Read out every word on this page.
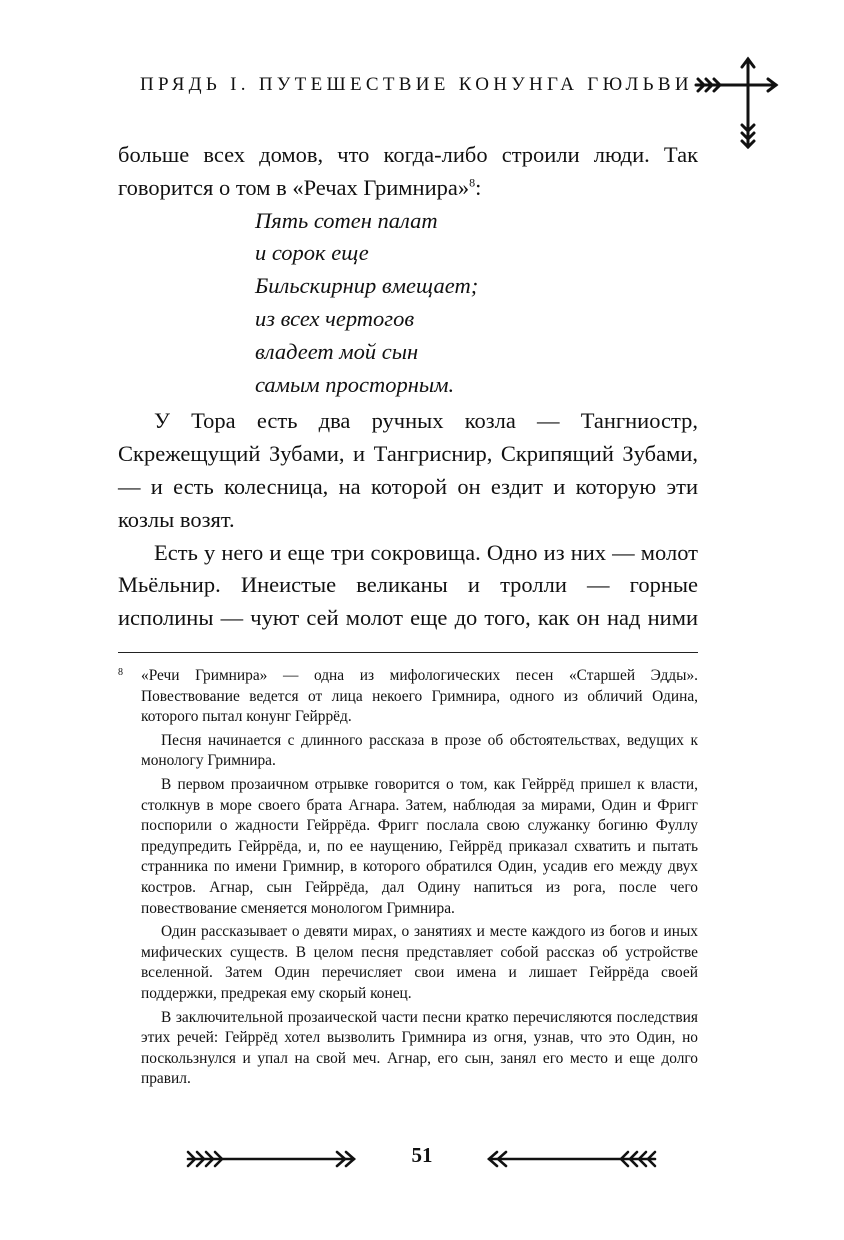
ПРЯДЬ I. ПУТЕШЕСТВИЕ КОНУНГА ГЮЛЬВИ

больше всех домов, что когда-либо строили люди. Так говорится о том в «Речах Гримнира»$^8$:

Пять сотен палат
и сорок еще
Бильскирнир вмещает;
из всех чертогов
владеет мой сын
самым просторным.

У Тора есть два ручных козла — Тангниостр, Скрежещущий Зубами, и Тангриснир, Скрипящий Зубами, — и есть колесница, на которой он ездит и которую эти козлы возят.

Есть у него и еще три сокровища. Одно из них — молот Мьёльнир. Инеистые великаны и тролли — горные исполины — чуют сей молот еще до того, как он над ними

8 «Речи Гримнира» — одна из мифологических песен «Старшей Эдды». Повествование ведется от лица некоего Гримнира, одного из обличий Одина, которого пытал конунг Гейррёд.

Песня начинается с длинного рассказа в прозе об обстоятельствах, ведущих к монологу Гримнира.

В первом прозаичном отрывке говорится о том, как Гейррёд пришел к власти, столкнув в море своего брата Агнара. Затем, наблюдая за мирами, Один и Фригг поспорили о жадности Гейррёда. Фригг послала свою служанку богиню Фуллу предупредить Гейррёда, и, по ее наущению, Гейррёд приказал схватить и пытать странника по имени Гримнир, в которого обратился Один, усадив его между двух костров. Агнар, сын Гейррёда, дал Одину напиться из рога, после чего повествование сменяется монологом Гримнира.

Один рассказывает о девяти мирах, о занятиях и месте каждого из богов и иных мифических существ. В целом песня представляет собой рассказ об устройстве вселенной. Затем Один перечисляет свои имена и лишает Гейррёда своей поддержки, предрекая ему скорый конец.

В заключительной прозаической части песни кратко перечисляются последствия этих речей: Гейррёд хотел вызволить Гримнира из огня, узнав, что это Один, но поскользнулся и упал на свой меч. Агнар, его сын, занял его место и еще долго правил.

51
